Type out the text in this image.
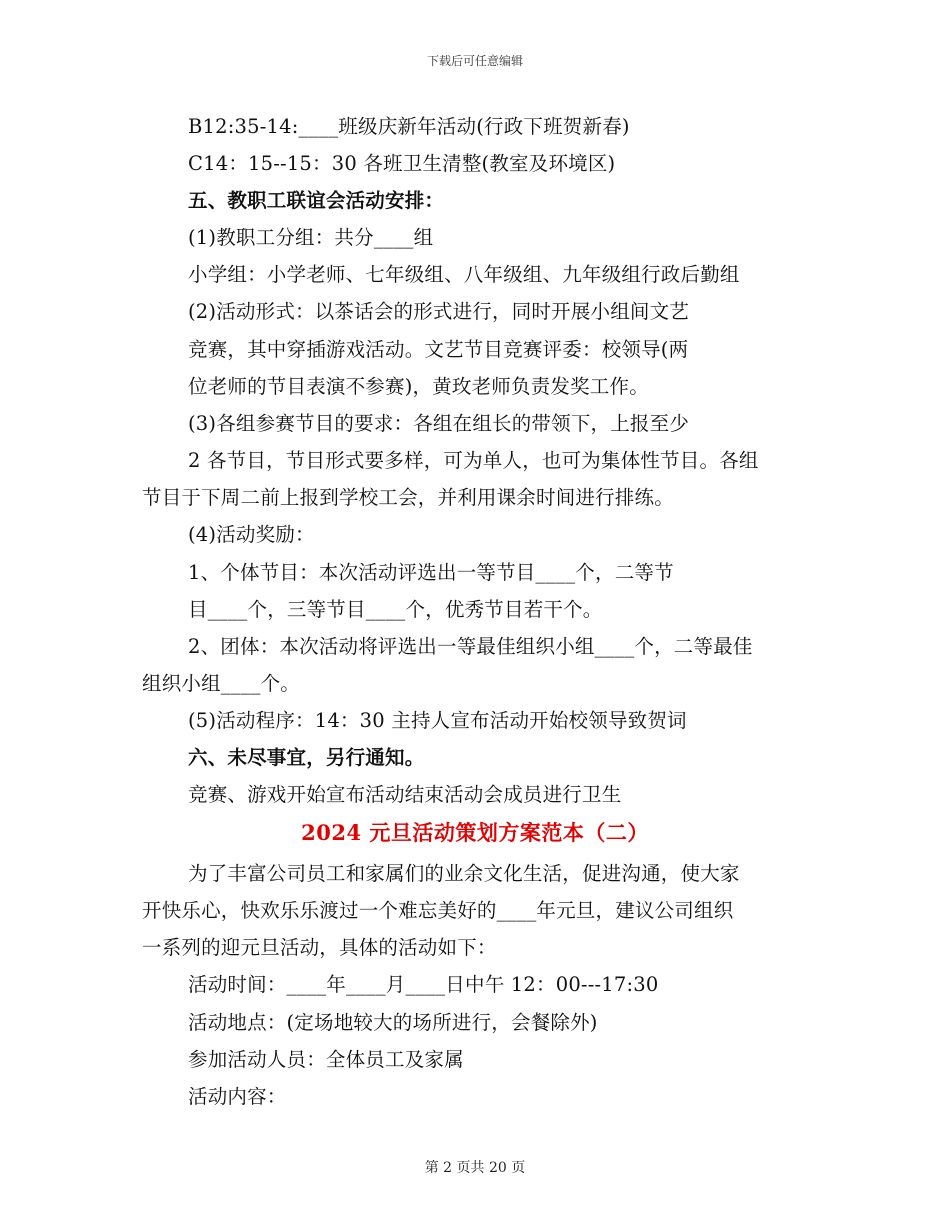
下载后可任意编辑
B12:35-14:____班级庆新年活动(行政下班贺新春)
C14：15--15：30 各班卫生清整(教室及环境区)
五、教职工联谊会活动安排：
(1)教职工分组：共分____组
小学组：小学老师、七年级组、八年级组、九年级组行政后勤组
(2)活动形式：以茶话会的形式进行，同时开展小组间文艺
竞赛，其中穿插游戏活动。文艺节目竞赛评委：校领导(两
位老师的节目表演不参赛)，黄玫老师负责发奖工作。
(3)各组参赛节目的要求：各组在组长的带领下，上报至少
2 各节目，节目形式要多样，可为单人，也可为集体性节目。各组
节目于下周二前上报到学校工会，并利用课余时间进行排练。
(4)活动奖励：
1、个体节目：本次活动评选出一等节目____个，二等节
目____个，三等节目____个，优秀节目若干个。
2、团体：本次活动将评选出一等最佳组织小组____个，二等最佳
组织小组____个。
(5)活动程序：14：30 主持人宣布活动开始校领导致贺词
六、未尽事宜，另行通知。
竞赛、游戏开始宣布活动结束活动会成员进行卫生
2024 元旦活动策划方案范本（二）
为了丰富公司员工和家属们的业余文化生活，促进沟通，使大家
开快乐心，快欢乐乐渡过一个难忘美好的____年元旦，建议公司组织
一系列的迎元旦活动，具体的活动如下：
活动时间：____年____月____日中午 12：00---17:30
活动地点：(定场地较大的场所进行，会餐除外)
参加活动人员：全体员工及家属
活动内容：
第 2 页共 20 页
